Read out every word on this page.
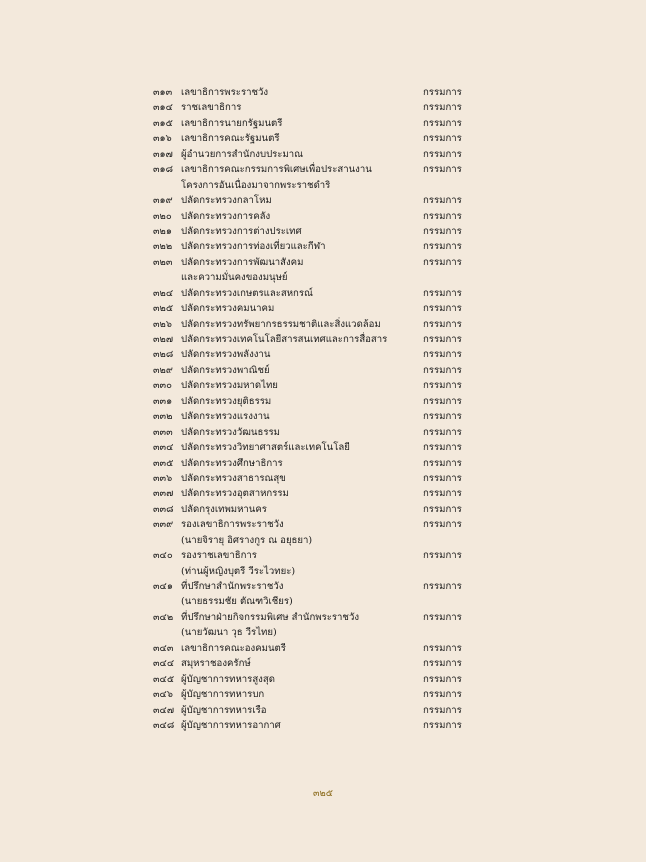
๓๑๓ เลขาธิการพระราชวัง	กรรมการ
๓๑๔ ราชเลขาธิการ	กรรมการ
๓๑๕ เลขาธิการนายกรัฐมนตรี	กรรมการ
๓๑๖ เลขาธิการคณะรัฐมนตรี	กรรมการ
๓๑๗ ผู้อำนวยการสำนักงบประมาณ	กรรมการ
๓๑๘ เลขาธิการคณะกรรมการพิเศษเพื่อประสานงาน	กรรมการ
โครงการอันเนื่องมาจากพระราชดำริ
๓๑๙ ปลัดกระทรวงกลาโหม	กรรมการ
๓๒๐ ปลัดกระทรวงการคลัง	กรรมการ
๓๒๑ ปลัดกระทรวงการต่างประเทศ	กรรมการ
๓๒๒ ปลัดกระทรวงการท่องเที่ยวและกีฬา	กรรมการ
๓๒๓ ปลัดกระทรวงการพัฒนาสังคม	กรรมการ
และความมั่นคงของมนุษย์
๓๒๔ ปลัดกระทรวงเกษตรและสหกรณ์	กรรมการ
๓๒๕ ปลัดกระทรวงคมนาคม	กรรมการ
๓๒๖ ปลัดกระทรวงทรัพยากรธรรมชาติและสิ่งแวดล้อม	กรรมการ
๓๒๗ ปลัดกระทรวงเทคโนโลยีสารสนเทศและการสื่อสาร	กรรมการ
๓๒๘ ปลัดกระทรวงพลังงาน	กรรมการ
๓๒๙ ปลัดกระทรวงพาณิชย์	กรรมการ
๓๓๐ ปลัดกระทรวงมหาดไทย	กรรมการ
๓๓๑ ปลัดกระทรวงยุติธรรม	กรรมการ
๓๓๒ ปลัดกระทรวงแรงงาน	กรรมการ
๓๓๓ ปลัดกระทรวงวัฒนธรรม	กรรมการ
๓๓๔ ปลัดกระทรวงวิทยาศาสตร์และเทคโนโลยี	กรรมการ
๓๓๕ ปลัดกระทรวงศึกษาธิการ	กรรมการ
๓๓๖ ปลัดกระทรวงสาธารณสุข	กรรมการ
๓๓๗ ปลัดกระทรวงอุตสาหกรรม	กรรมการ
๓๓๘ ปลัดกรุงเทพมหานคร	กรรมการ
๓๓๙ รองเลขาธิการพระราชวัง	กรรมการ
(นายจิรายุ อิศรางกูร ณ อยุธยา)
๓๔๐ รองราชเลขาธิการ	กรรมการ
(ท่านผู้หญิงบุตรี วีระไวทยะ)
๓๔๑ ที่ปรึกษาสำนักพระราชวัง	กรรมการ
(นายธรรมชัย ตัณฑวิเชียร)
๓๔๒ ที่ปรึกษาฝ่ายกิจกรรมพิเศษ สำนักพระราชวัง	กรรมการ
(นายวัฒนา วุธ วีรไทย)
๓๔๓ เลขาธิการคณะองคมนตรี	กรรมการ
๓๔๔ สมุหราชองครักษ์	กรรมการ
๓๔๕ ผู้บัญชาการทหารสูงสุด	กรรมการ
๓๔๖ ผู้บัญชาการทหารบก	กรรมการ
๓๔๗ ผู้บัญชาการทหารเรือ	กรรมการ
๓๔๘ ผู้บัญชาการทหารอากาศ	กรรมการ
๓๒๕
